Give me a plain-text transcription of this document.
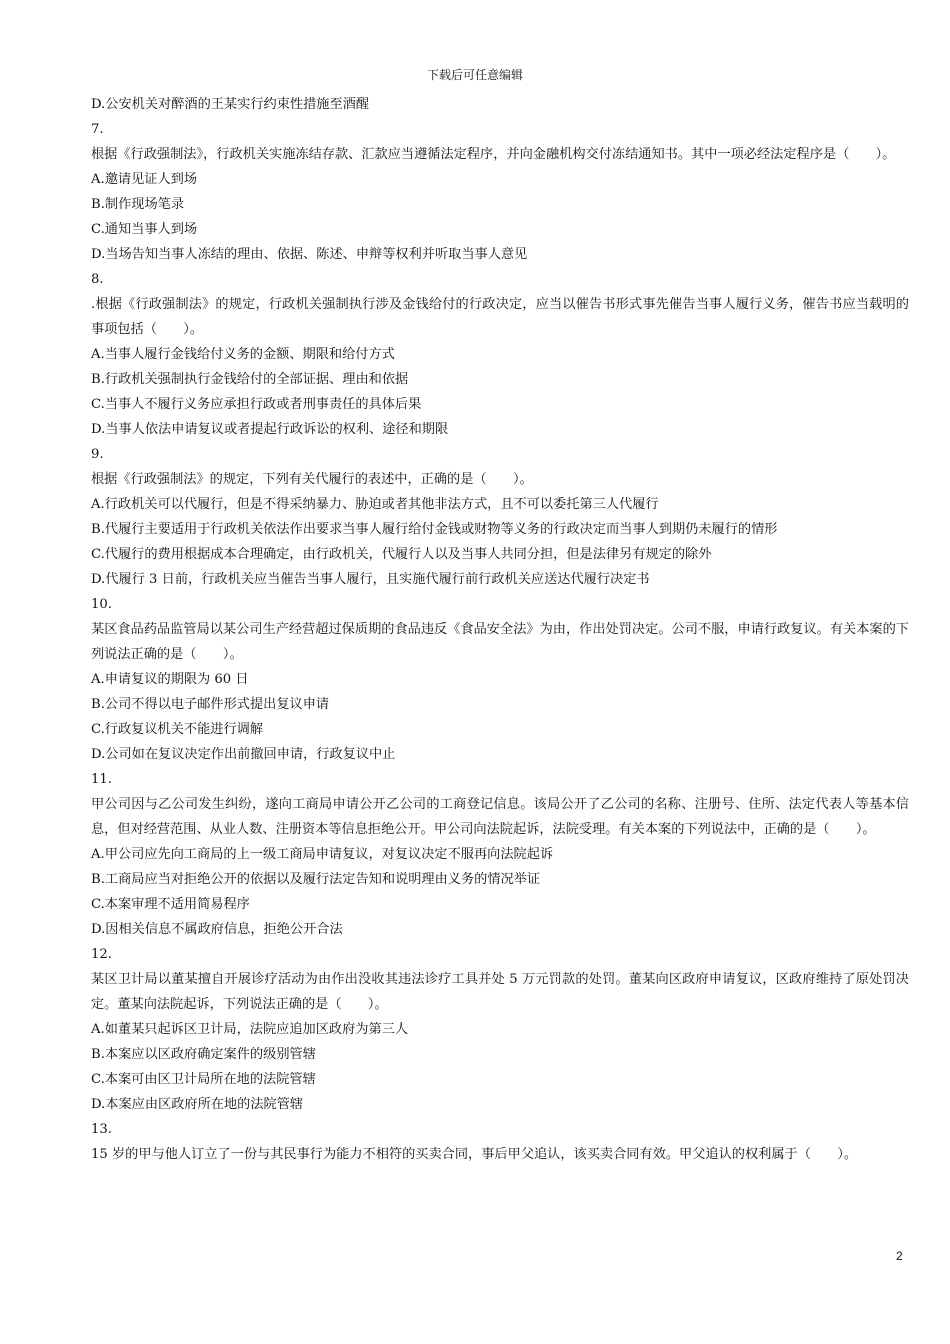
下载后可任意编辑
D.公安机关对醉酒的王某实行约束性措施至酒醒
7.
根据《行政强制法》，行政机关实施冻结存款、汇款应当遵循法定程序，并向金融机构交付冻结通知书。其中一项必经法定程序是（　　）。
A.邀请见证人到场
B.制作现场笔录
C.通知当事人到场
D.当场告知当事人冻结的理由、依据、陈述、申辩等权利并听取当事人意见
8.
.根据《行政强制法》的规定，行政机关强制执行涉及金钱给付的行政决定，应当以催告书形式事先催告当事人履行义务，催告书应当载明的事项包括（　　）。
A.当事人履行金钱给付义务的金额、期限和给付方式
B.行政机关强制执行金钱给付的全部证据、理由和依据
C.当事人不履行义务应承担行政或者刑事责任的具体后果
D.当事人依法申请复议或者提起行政诉讼的权利、途径和期限
9.
根据《行政强制法》的规定，下列有关代履行的表述中，正确的是（　　）。
A.行政机关可以代履行，但是不得采纳暴力、胁迫或者其他非法方式，且不可以委托第三人代履行
B.代履行主要适用于行政机关依法作出要求当事人履行给付金钱或财物等义务的行政决定而当事人到期仍未履行的情形
C.代履行的费用根据成本合理确定，由行政机关，代履行人以及当事人共同分担，但是法律另有规定的除外
D.代履行 3 日前，行政机关应当催告当事人履行，且实施代履行前行政机关应送达代履行决定书
10.
某区食品药品监管局以某公司生产经营超过保质期的食品违反《食品安全法》为由，作出处罚决定。公司不服，申请行政复议。有关本案的下列说法正确的是（　　）。
A.申请复议的期限为 60 日
B.公司不得以电子邮件形式提出复议申请
C.行政复议机关不能进行调解
D.公司如在复议决定作出前撤回申请，行政复议中止
11.
甲公司因与乙公司发生纠纷，遂向工商局申请公开乙公司的工商登记信息。该局公开了乙公司的名称、注册号、住所、法定代表人等基本信息，但对经营范围、从业人数、注册资本等信息拒绝公开。甲公司向法院起诉，法院受理。有关本案的下列说法中，正确的是（　　）。
A.甲公司应先向工商局的上一级工商局申请复议，对复议决定不服再向法院起诉
B.工商局应当对拒绝公开的依据以及履行法定告知和说明理由义务的情况举证
C.本案审理不适用简易程序
D.因相关信息不属政府信息，拒绝公开合法
12.
某区卫计局以董某擅自开展诊疗活动为由作出没收其违法诊疗工具并处 5 万元罚款的处罚。董某向区政府申请复议，区政府维持了原处罚决定。董某向法院起诉，下列说法正确的是（　　）。
A.如董某只起诉区卫计局，法院应追加区政府为第三人
B.本案应以区政府确定案件的级别管辖
C.本案可由区卫计局所在地的法院管辖
D.本案应由区政府所在地的法院管辖
13.
15 岁的甲与他人订立了一份与其民事行为能力不相符的买卖合同，事后甲父追认，该买卖合同有效。甲父追认的权利属于（　　）。
2
